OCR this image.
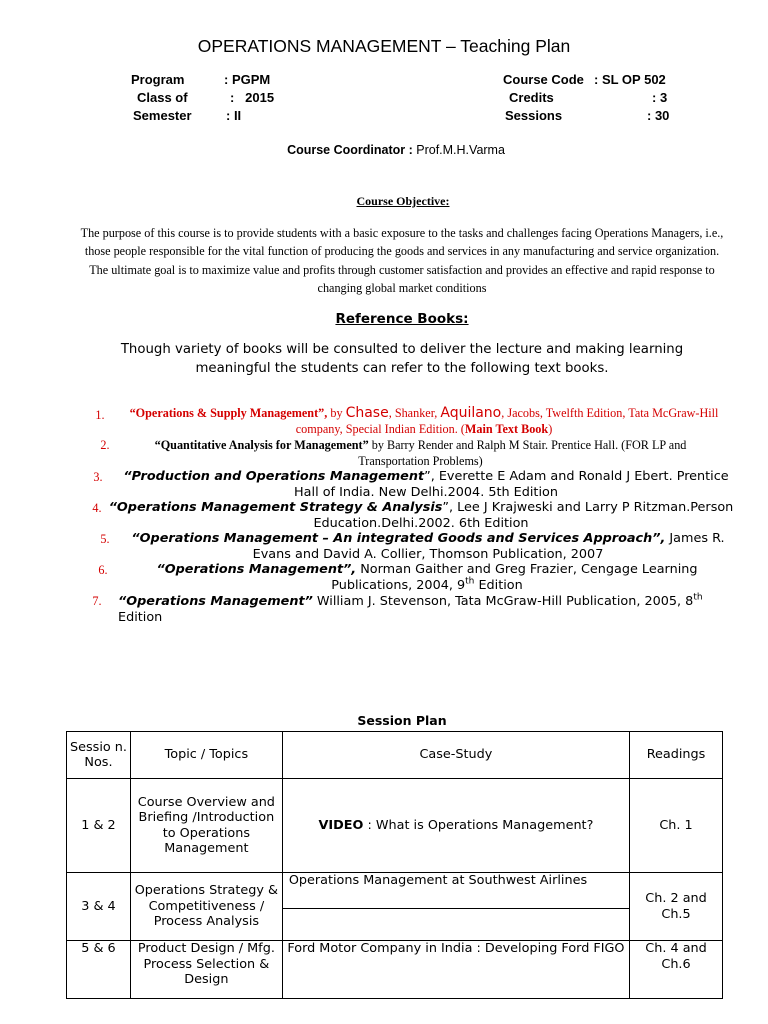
OPERATIONS MANAGEMENT – Teaching Plan
Program	: PGPM
Class of	:   2015
Semester	: II
Course Code : SL OP 502
Credits	: 3
Sessions	: 30
Course Coordinator : Prof.M.H.Varma
Course Objective:
The purpose of this course is to provide students with a basic exposure to the tasks and challenges facing Operations Managers, i.e., those people responsible for the vital function of producing the goods and services in any manufacturing and service organization. The ultimate goal is to maximize value and profits through customer satisfaction and provides an effective and rapid response to changing global market conditions
Reference Books:
Though variety of books will be consulted to deliver the lecture and making learning meaningful the students can refer to the following text books.
1.	“Operations & Supply Management”, by Chase, Shanker, Aquilano, Jacobs, Twelfth Edition, Tata McGraw-Hill company, Special Indian Edition. (Main Text Book)
2.	“Quantitative Analysis for Management” by Barry Render and Ralph M Stair. Prentice Hall. (FOR LP and Transportation Problems)
3.	“Production and Operations Management”, Everette E Adam and Ronald J Ebert. Prentice Hall of India. New Delhi.2004. 5th Edition
4. “Operations Management Strategy & Analysis”, Lee J Krajweski and Larry P Ritzman.Person Education.Delhi.2002. 6th Edition
5.	“Operations Management – An integrated Goods and Services Approach”, James R. Evans and David A. Collier, Thomson Publication, 2007
6.	“Operations Management”, Norman Gaither and Greg Frazier, Cengage Learning Publications, 2004, 9th Edition
7.	“Operations Management” William J. Stevenson, Tata McGraw-Hill Publication, 2005, 8th Edition
Session Plan
Sessio n. Nos.	Topic / Topics	Case-Study	Readings
1 & 2	Course Overview and Briefing /Introduction to Operations Management	VIDEO : What is Operations Management?	Ch. 1
3 & 4	Operations Strategy & Competitiveness / Process Analysis	Operations Management at Southwest Airlines	Ch. 2 and Ch.5

5 & 6	Product Design / Mfg. Process Selection & Design	Ford Motor Company in India : Developing Ford FIGO	Ch. 4 and Ch.6
